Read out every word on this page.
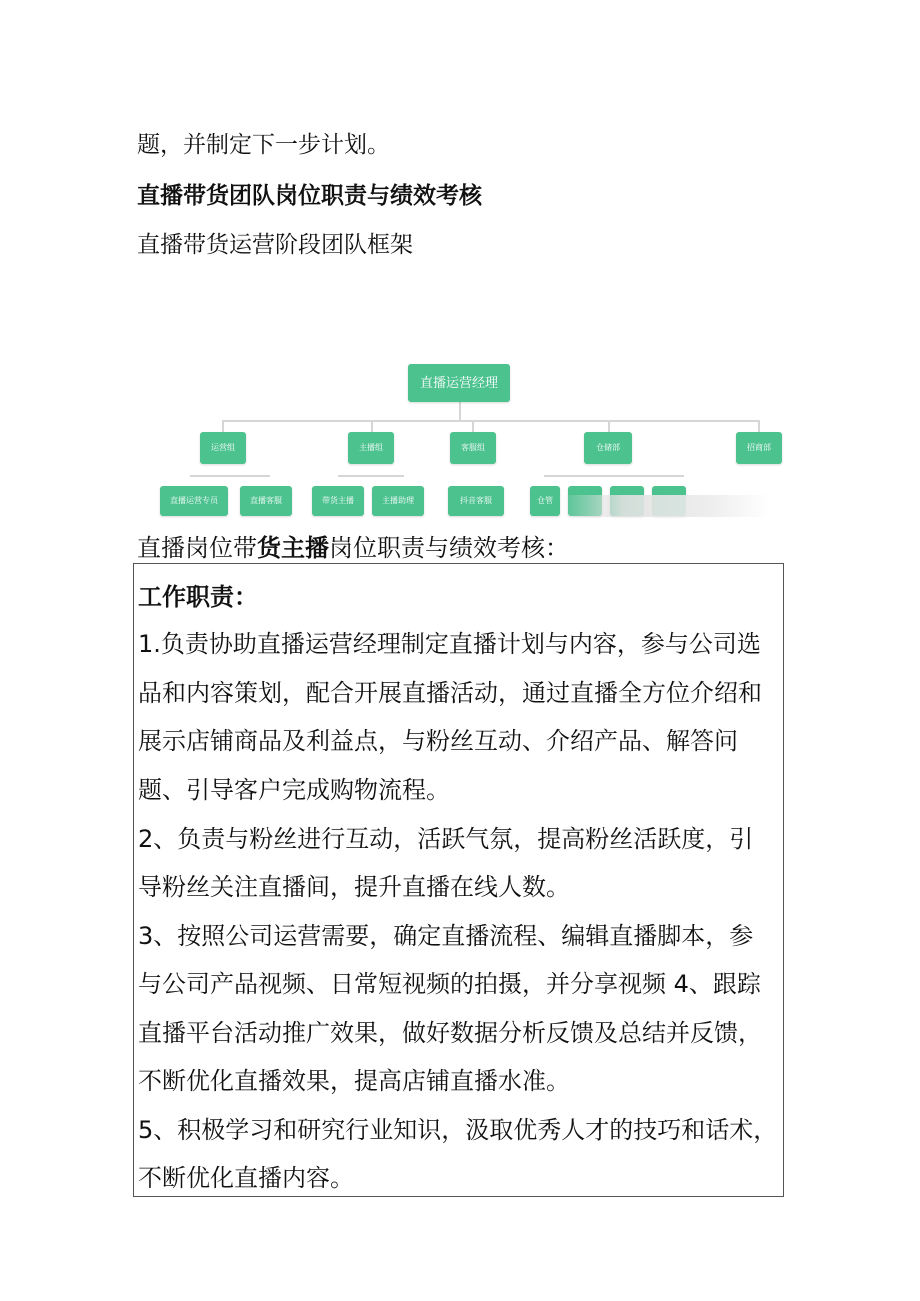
题，并制定下一步计划。
直播带货团队岗位职责与绩效考核
直播带货运营阶段团队框架
直播运营经理
运营组	主播组	客服组	仓储部	招商部
直播运营专员	直播客服	带货主播	主播助理	抖音客服	仓管
直播岗位带货主播岗位职责与绩效考核：
工作职责：
1.负责协助直播运营经理制定直播计划与内容，参与公司选
品和内容策划，配合开展直播活动，通过直播全方位介绍和
展示店铺商品及利益点，与粉丝互动、介绍产品、解答问
题、引导客户完成购物流程。
2、负责与粉丝进行互动，活跃气氛，提高粉丝活跃度，引
导粉丝关注直播间，提升直播在线人数。
3、按照公司运营需要，确定直播流程、编辑直播脚本，参
与公司产品视频、日常短视频的拍摄，并分享视频 4、跟踪
直播平台活动推广效果，做好数据分析反馈及总结并反馈，
不断优化直播效果，提高店铺直播水准。
5、积极学习和研究行业知识，汲取优秀人才的技巧和话术，
不断优化直播内容。
